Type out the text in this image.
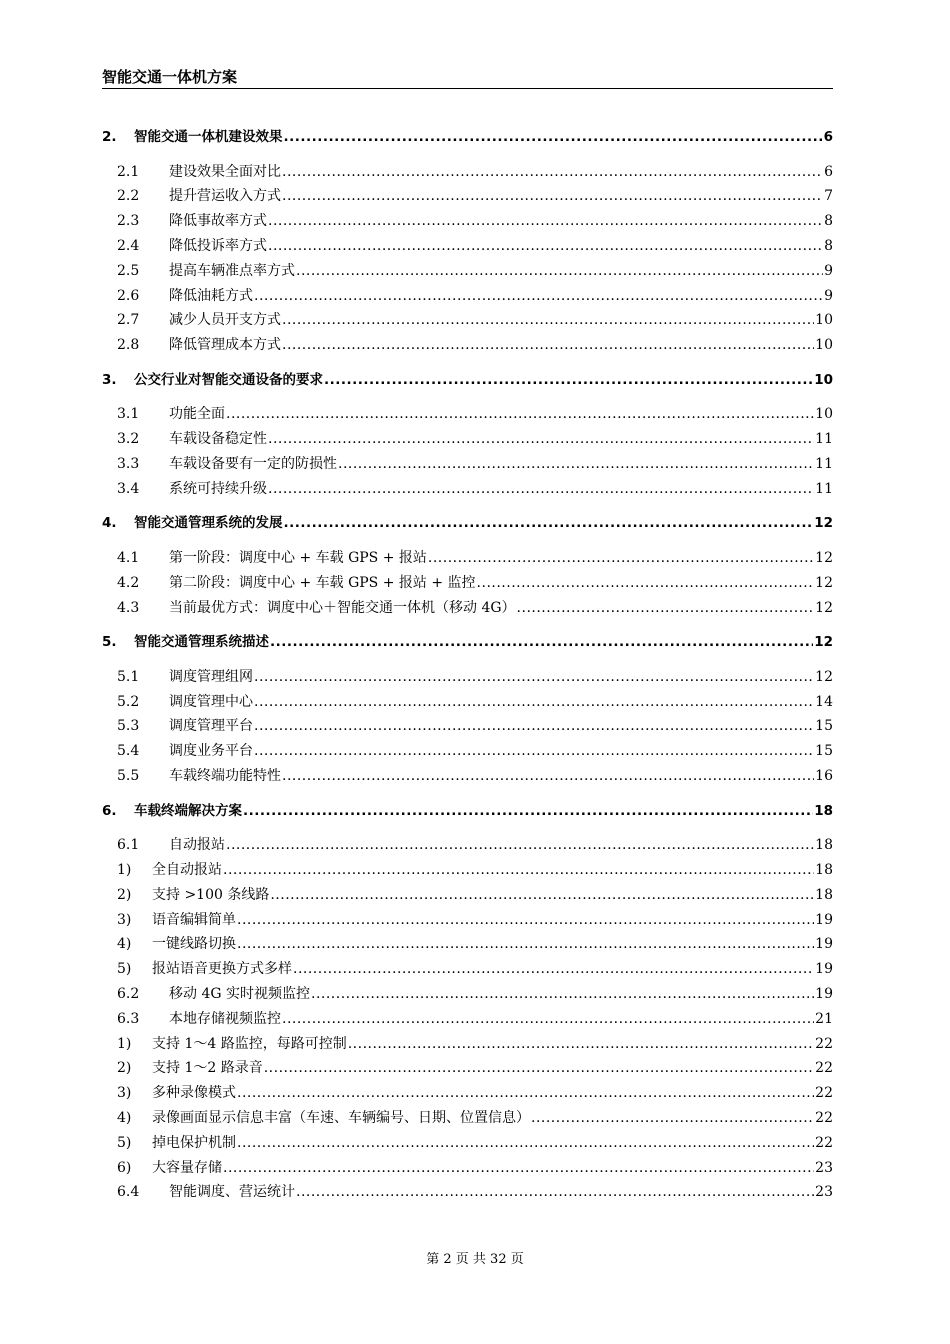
智能交通一体机方案
2.	智能交通一体机建设效果 .....	6
2.1	建设效果全面对比 .....	6
2.2	提升营运收入方式 .....	7
2.3	降低事故率方式 .....	8
2.4	降低投诉率方式 .....	8
2.5	提高车辆准点率方式 .....	9
2.6	降低油耗方式 .....	9
2.7	减少人员开支方式 .....	10
2.8	降低管理成本方式 .....	10
3.	公交行业对智能交通设备的要求 .....	10
3.1	功能全面 .....	10
3.2	车载设备稳定性 .....	11
3.3	车载设备要有一定的防损性 .....	11
3.4	系统可持续升级 .....	11
4.	智能交通管理系统的发展 .....	12
4.1	第一阶段：调度中心 + 车载 GPS + 报站 .....	12
4.2	第二阶段：调度中心 + 车载 GPS + 报站 + 监控 .....	12
4.3	当前最优方式：调度中心＋智能交通一体机（移动 4G） .....	12
5.	智能交通管理系统描述 .....	12
5.1	调度管理组网 .....	12
5.2	调度管理中心 .....	14
5.3	调度管理平台 .....	15
5.4	调度业务平台 .....	15
5.5	车载终端功能特性 .....	16
6.	车载终端解决方案 .....	18
6.1	自动报站 .....	18
1)	全自动报站 .....	18
2)	支持 >100 条线路 .....	18
3)	语音编辑简单 .....	19
4)	一键线路切换 .....	19
5)	报站语音更换方式多样 .....	19
6.2	移动 4G 实时视频监控 .....	19
6.3	本地存储视频监控 .....	21
1)	支持 1～4 路监控，每路可控制 .....	22
2)	支持 1～2 路录音 .....	22
3)	多种录像模式 .....	22
4)	录像画面显示信息丰富（车速、车辆编号、日期、位置信息） .....	22
5)	掉电保护机制 .....	22
6)	大容量存储 .....	23
6.4	智能调度、营运统计 .....	23
第 2 页 共 32 页
